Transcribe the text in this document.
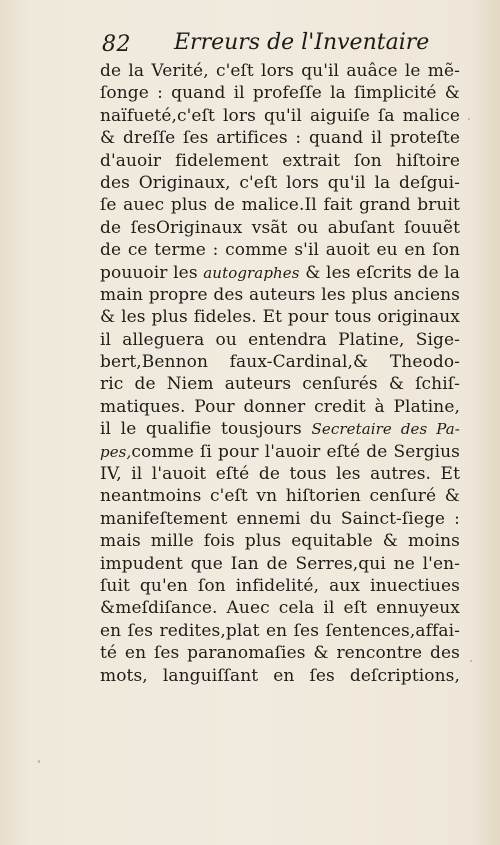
82 Erreurs de l'Inventaire
de la Verité, c'eſt lors qu'il auâce le mẽ-
ſonge : quand il profeſſe la ſimplicité &
naïfueté,c'eſt lors qu'il aiguiſe ſa malice
& dreſſe ſes artifices : quand il proteſte
d'auoir fidelement extrait ſon hiſtoire
des Originaux, c'eſt lors qu'il la deſgui-
ſe auec plus de malice.Il fait grand bruit
de ſesOriginaux vsãt ou abuſant ſouuẽt
de ce terme : comme s'il auoit eu en ſon
pouuoir les autographes & les eſcrits de la
main propre des auteurs les plus anciens
& les plus fideles. Et pour tous originaux
il alleguera ou entendra Platine, Sige-
bert,Bennon faux-Cardinal,& Theodo-
ric de Niem auteurs cenſurés & ſchiſ-
matiques. Pour donner credit à Platine,
il le qualifie tousjours Secretaire des Pa-
pes,comme ſi pour l'auoir eſté de Sergius
IV, il l'auoit eſté de tous les autres. Et
neantmoins c'eſt vn hiſtorien cenſuré &
manifeſtement ennemi du Sainct-ſiege :
mais mille fois plus equitable & moins
impudent que Ian de Serres,qui ne l'en-
ſuit qu'en ſon infidelité, aux inuectiues
&meſdiſance. Auec cela il eſt ennuyeux
en ſes redites,plat en ſes ſentences,affai-
té en ſes paranomaſies & rencontre des
mots, languiſſant en ſes deſcriptions,
